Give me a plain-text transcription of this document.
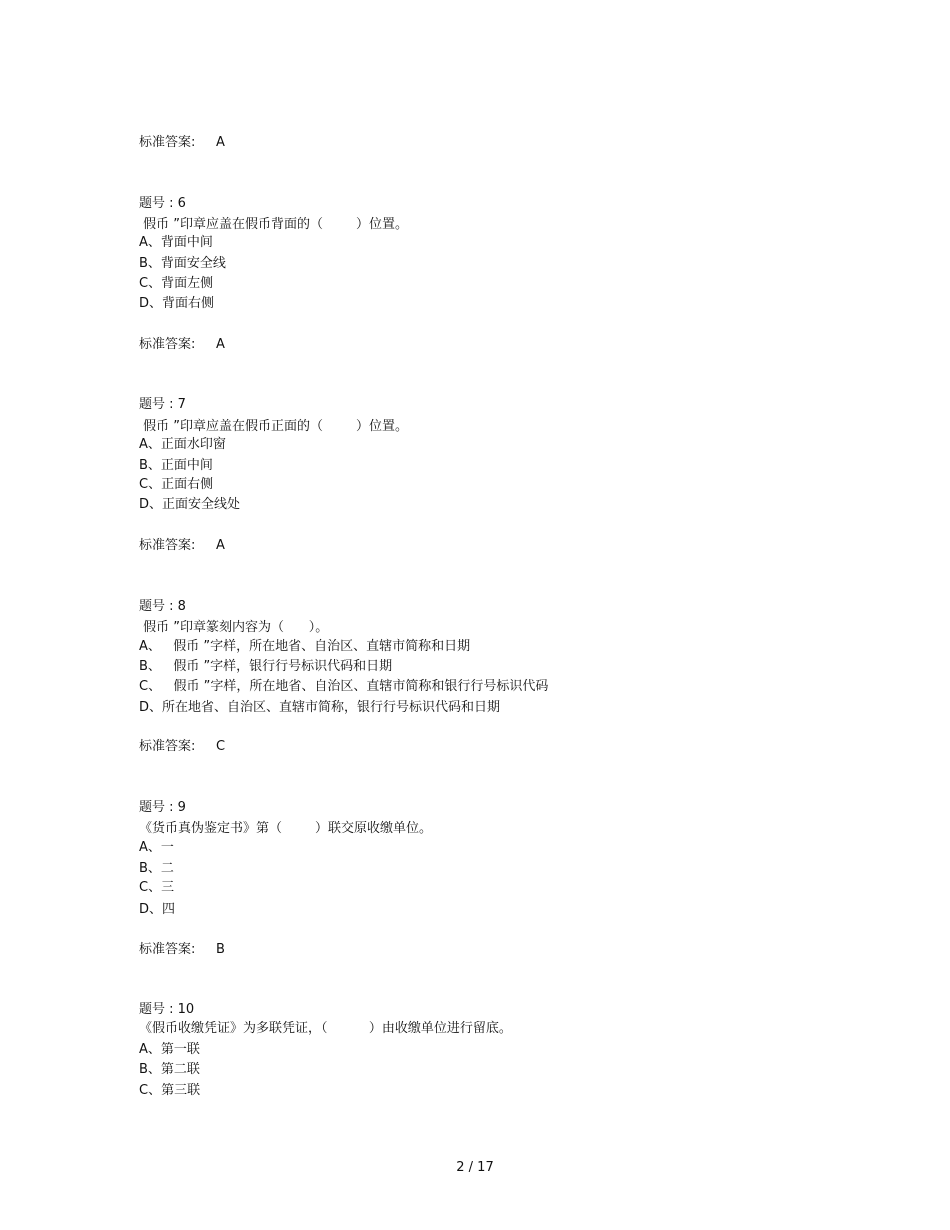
标准答案: A
题号 : 6
假币 ”印章应盖在假币背面的（        ）位置。
A、背面中间
B、背面安全线
C、背面左侧
D、背面右侧
标准答案: A
题号 : 7
假币 ”印章应盖在假币正面的（        ）位置。
A、正面水印窗
B、正面中间
C、正面右侧
D、正面安全线处
标准答案: A
题号 : 8
假币 ”印章篆刻内容为（      ）。
A、   假币 ”字样，所在地省、自治区、直辖市简称和日期
B、   假币 ”字样，银行行号标识代码和日期
C、   假币 ”字样，所在地省、自治区、直辖市简称和银行行号标识代码
D、所在地省、自治区、直辖市简称，银行行号标识代码和日期
标准答案: C
题号 : 9
《货币真伪鉴定书》第（        ）联交原收缴单位。
A、一
B、二
C、三
D、四
标准答案: B
题号 : 10
《假币收缴凭证》为多联凭证，（          ）由收缴单位进行留底。
A、第一联
B、第二联
C、第三联
2 / 17
